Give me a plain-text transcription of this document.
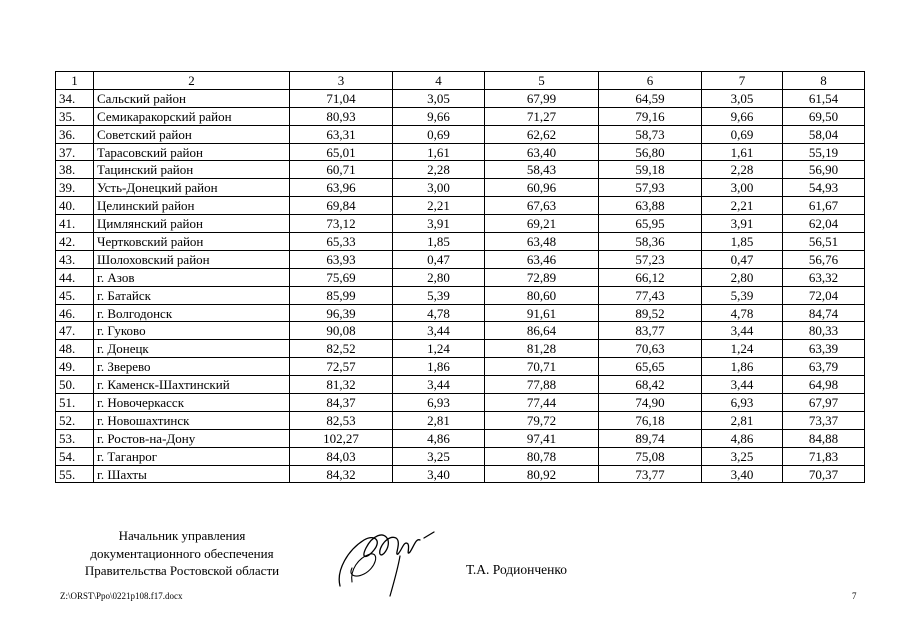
1	2	3	4	5	6	7	8
34.	Сальский район	71,04	3,05	67,99	64,59	3,05	61,54
35.	Семикаракорский район	80,93	9,66	71,27	79,16	9,66	69,50
36.	Советский район	63,31	0,69	62,62	58,73	0,69	58,04
37.	Тарасовский район	65,01	1,61	63,40	56,80	1,61	55,19
38.	Тацинский район	60,71	2,28	58,43	59,18	2,28	56,90
39.	Усть-Донецкий район	63,96	3,00	60,96	57,93	3,00	54,93
40.	Целинский район	69,84	2,21	67,63	63,88	2,21	61,67
41.	Цимлянский район	73,12	3,91	69,21	65,95	3,91	62,04
42.	Чертковский район	65,33	1,85	63,48	58,36	1,85	56,51
43.	Шолоховский район	63,93	0,47	63,46	57,23	0,47	56,76
44.	г. Азов	75,69	2,80	72,89	66,12	2,80	63,32
45.	г. Батайск	85,99	5,39	80,60	77,43	5,39	72,04
46.	г. Волгодонск	96,39	4,78	91,61	89,52	4,78	84,74
47.	г. Гуково	90,08	3,44	86,64	83,77	3,44	80,33
48.	г. Донецк	82,52	1,24	81,28	70,63	1,24	63,39
49.	г. Зверево	72,57	1,86	70,71	65,65	1,86	63,79
50.	г. Каменск-Шахтинский	81,32	3,44	77,88	68,42	3,44	64,98
51.	г. Новочеркасск	84,37	6,93	77,44	74,90	6,93	67,97
52.	г. Новошахтинск	82,53	2,81	79,72	76,18	2,81	73,37
53.	г. Ростов-на-Дону	102,27	4,86	97,41	89,74	4,86	84,88
54.	г. Таганрог	84,03	3,25	80,78	75,08	3,25	71,83
55.	г. Шахты	84,32	3,40	80,92	73,77	3,40	70,37
Начальник управления
документационного обеспечения
Правительства Ростовской области	Т.А. Родионченко
Z:\ORST\Ppo\0221p108.f17.docx	7
